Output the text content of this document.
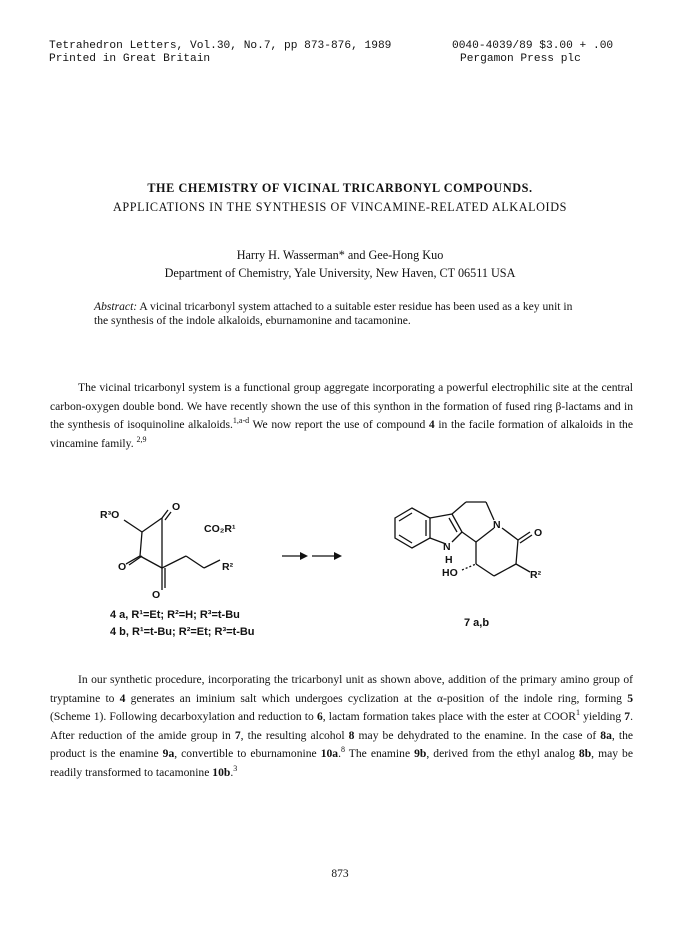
Tetrahedron Letters, Vol.30, No.7, pp 873-876, 1989
Printed in Great Britain
0040-4039/89 $3.00 + .00
Pergamon Press plc
THE CHEMISTRY OF VICINAL TRICARBONYL COMPOUNDS.
APPLICATIONS IN THE SYNTHESIS OF VINCAMINE-RELATED ALKALOIDS
Harry H. Wasserman* and Gee-Hong Kuo
Department of Chemistry, Yale University, New Haven, CT 06511 USA
Abstract: A vicinal tricarbonyl system attached to a suitable ester residue has been used as a key unit in the synthesis of the indole alkaloids, eburnamonine and tacamonine.
The vicinal tricarbonyl system is a functional group aggregate incorporating a powerful electrophilic site at the central carbon-oxygen double bond. We have recently shown the use of this synthon in the formation of fused ring β-lactams and in the synthesis of isoquinoline alkaloids.$^{1,a-d}$ We now report the use of compound 4 in the facile formation of alkaloids in the vincamine family. $^{2,9}$
R³O
O
CO₂R¹
O
O
R²
4 a, R¹=Et; R²=H; R³=t-Bu
4 b, R¹=t-Bu; R²=Et; R³=t-Bu
N
H
N
O
HO	R²
7 a,b
In our synthetic procedure, incorporating the tricarbonyl unit as shown above, addition of the primary amino group of tryptamine to 4 generates an iminium salt which undergoes cyclization at the α-position of the indole ring, forming 5 (Scheme 1). Following decarboxylation and reduction to 6, lactam formation takes place with the ester at COOR$^1$ yielding 7. After reduction of the amide group in 7, the resulting alcohol 8 may be dehydrated to the enamine. In the case of 8a, the product is the enamine 9a, convertible to eburnamonine 10a.$^8$ The enamine 9b, derived from the ethyl analog 8b, may be readily transformed to tacamonine 10b.$^3$
873
